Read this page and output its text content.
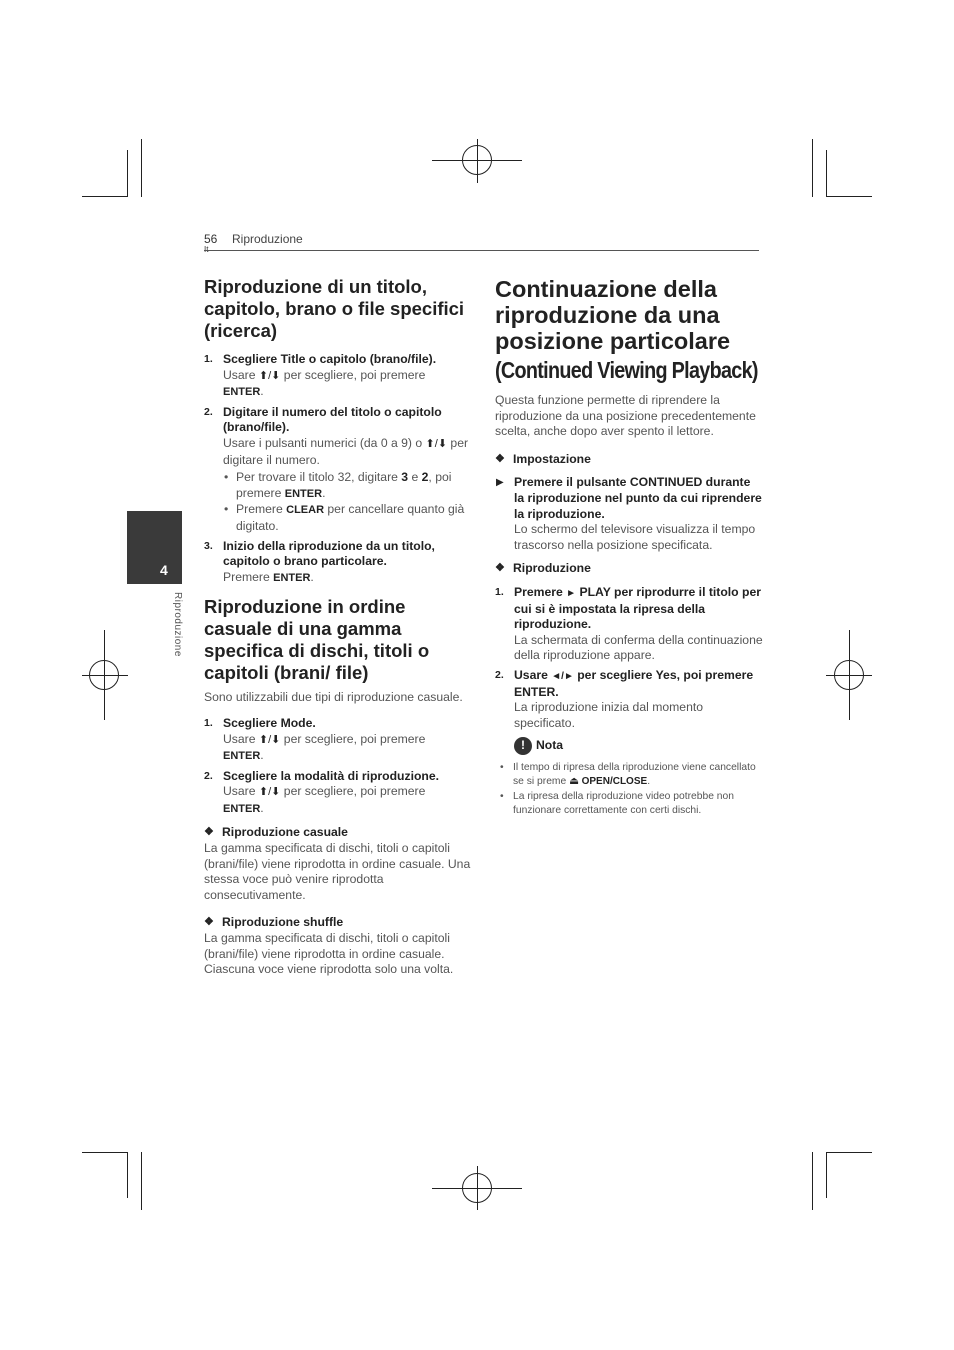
56 Riproduzione
4
Riproduzione
Riproduzione di un titolo, capitolo, brano o file specifici (ricerca)
1. Scegliere Title o capitolo (brano/file).
Usare ⬆/⬇ per scegliere, poi premere
ENTER.
2. Digitare il numero del titolo o capitolo (brano/file).
Usare i pulsanti numerici (da 0 a 9) o ⬆/⬇ per digitare il numero.
• Per trovare il titolo 32, digitare 3 e 2, poi premere ENTER.
• Premere CLEAR per cancellare quanto già digitato.
3. Inizio della riproduzione da un titolo, capitolo o brano particolare.
Premere ENTER.
Riproduzione in ordine casuale di una gamma specifica di dischi, titoli o capitoli (brani/ file)

Sono utilizzabili due tipi di riproduzione casuale.

1. Scegliere Mode.
Usare ⬆/⬇ per scegliere, poi premere
ENTER.
2. Scegliere la modalità di riproduzione.
Usare ⬆/⬇ per scegliere, poi premere
ENTER.
❖ Riproduzione casuale

La gamma specificata di dischi, titoli o capitoli (brani/file) viene riprodotta in ordine casuale. Una stessa voce può venire riprodotta consecutivamente.

❖ Riproduzione shuffle

La gamma specificata di dischi, titoli o capitoli (brani/file) viene riprodotta in ordine casuale. Ciascuna voce viene riprodotta solo una volta.

Continuazione della riproduzione da una posizione particolare
(Continued Viewing Playback)

Questa funzione permette di riprendere la riproduzione da una posizione precedentemente scelta, anche dopo aver spento il lettore.

❖ Impostazione
▶ Premere il pulsante CONTINUED durante la riproduzione nel punto da cui riprendere la riproduzione.
Lo schermo del televisore visualizza il tempo trascorso nella posizione specificata.
❖ Riproduzione
1. Premere ► PLAY per riprodurre il titolo per cui si è impostata la ripresa della riproduzione.
La schermata di conferma della continuazione della riproduzione appare.
2. Usare ◄/► per scegliere Yes, poi premere ENTER.
La riproduzione inizia dal momento specificato.
! Nota
• Il tempo di ripresa della riproduzione viene cancellato se si preme ⏏ OPEN/CLOSE.
• La ripresa della riproduzione video potrebbe non funzionare correttamente con certi dischi.
